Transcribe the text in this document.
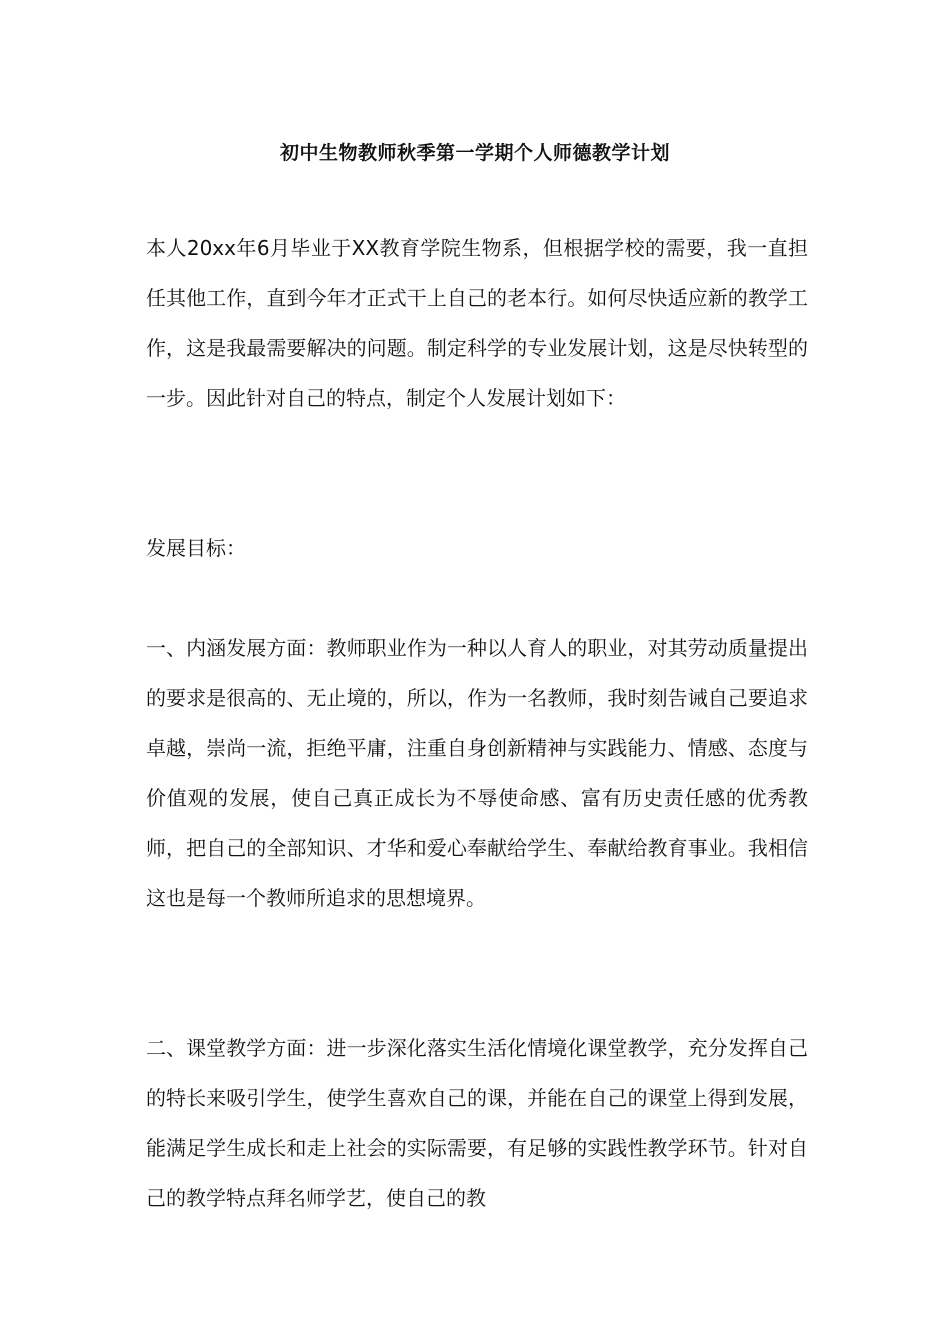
初中生物教师秋季第一学期个人师德教学计划

本人20xx年6月毕业于XX教育学院生物系，但根据学校的需要，我一直担任其他工作，直到今年才正式干上自己的老本行。如何尽快适应新的教学工作，这是我最需要解决的问题。制定科学的专业发展计划，这是尽快转型的一步。因此针对自己的特点，制定个人发展计划如下：

发展目标：

一、内涵发展方面：教师职业作为一种以人育人的职业，对其劳动质量提出的要求是很高的、无止境的，所以，作为一名教师，我时刻告诫自己要追求卓越，崇尚一流，拒绝平庸，注重自身创新精神与实践能力、情感、态度与价值观的发展，使自己真正成长为不辱使命感、富有历史责任感的优秀教师，把自己的全部知识、才华和爱心奉献给学生、奉献给教育事业。我相信这也是每一个教师所追求的思想境界。

二、课堂教学方面：进一步深化落实生活化情境化课堂教学，充分发挥自己的特长来吸引学生，使学生喜欢自己的课，并能在自己的课堂上得到发展，能满足学生成长和走上社会的实际需要，有足够的实践性教学环节。针对自己的教学特点拜名师学艺，使自己的教
